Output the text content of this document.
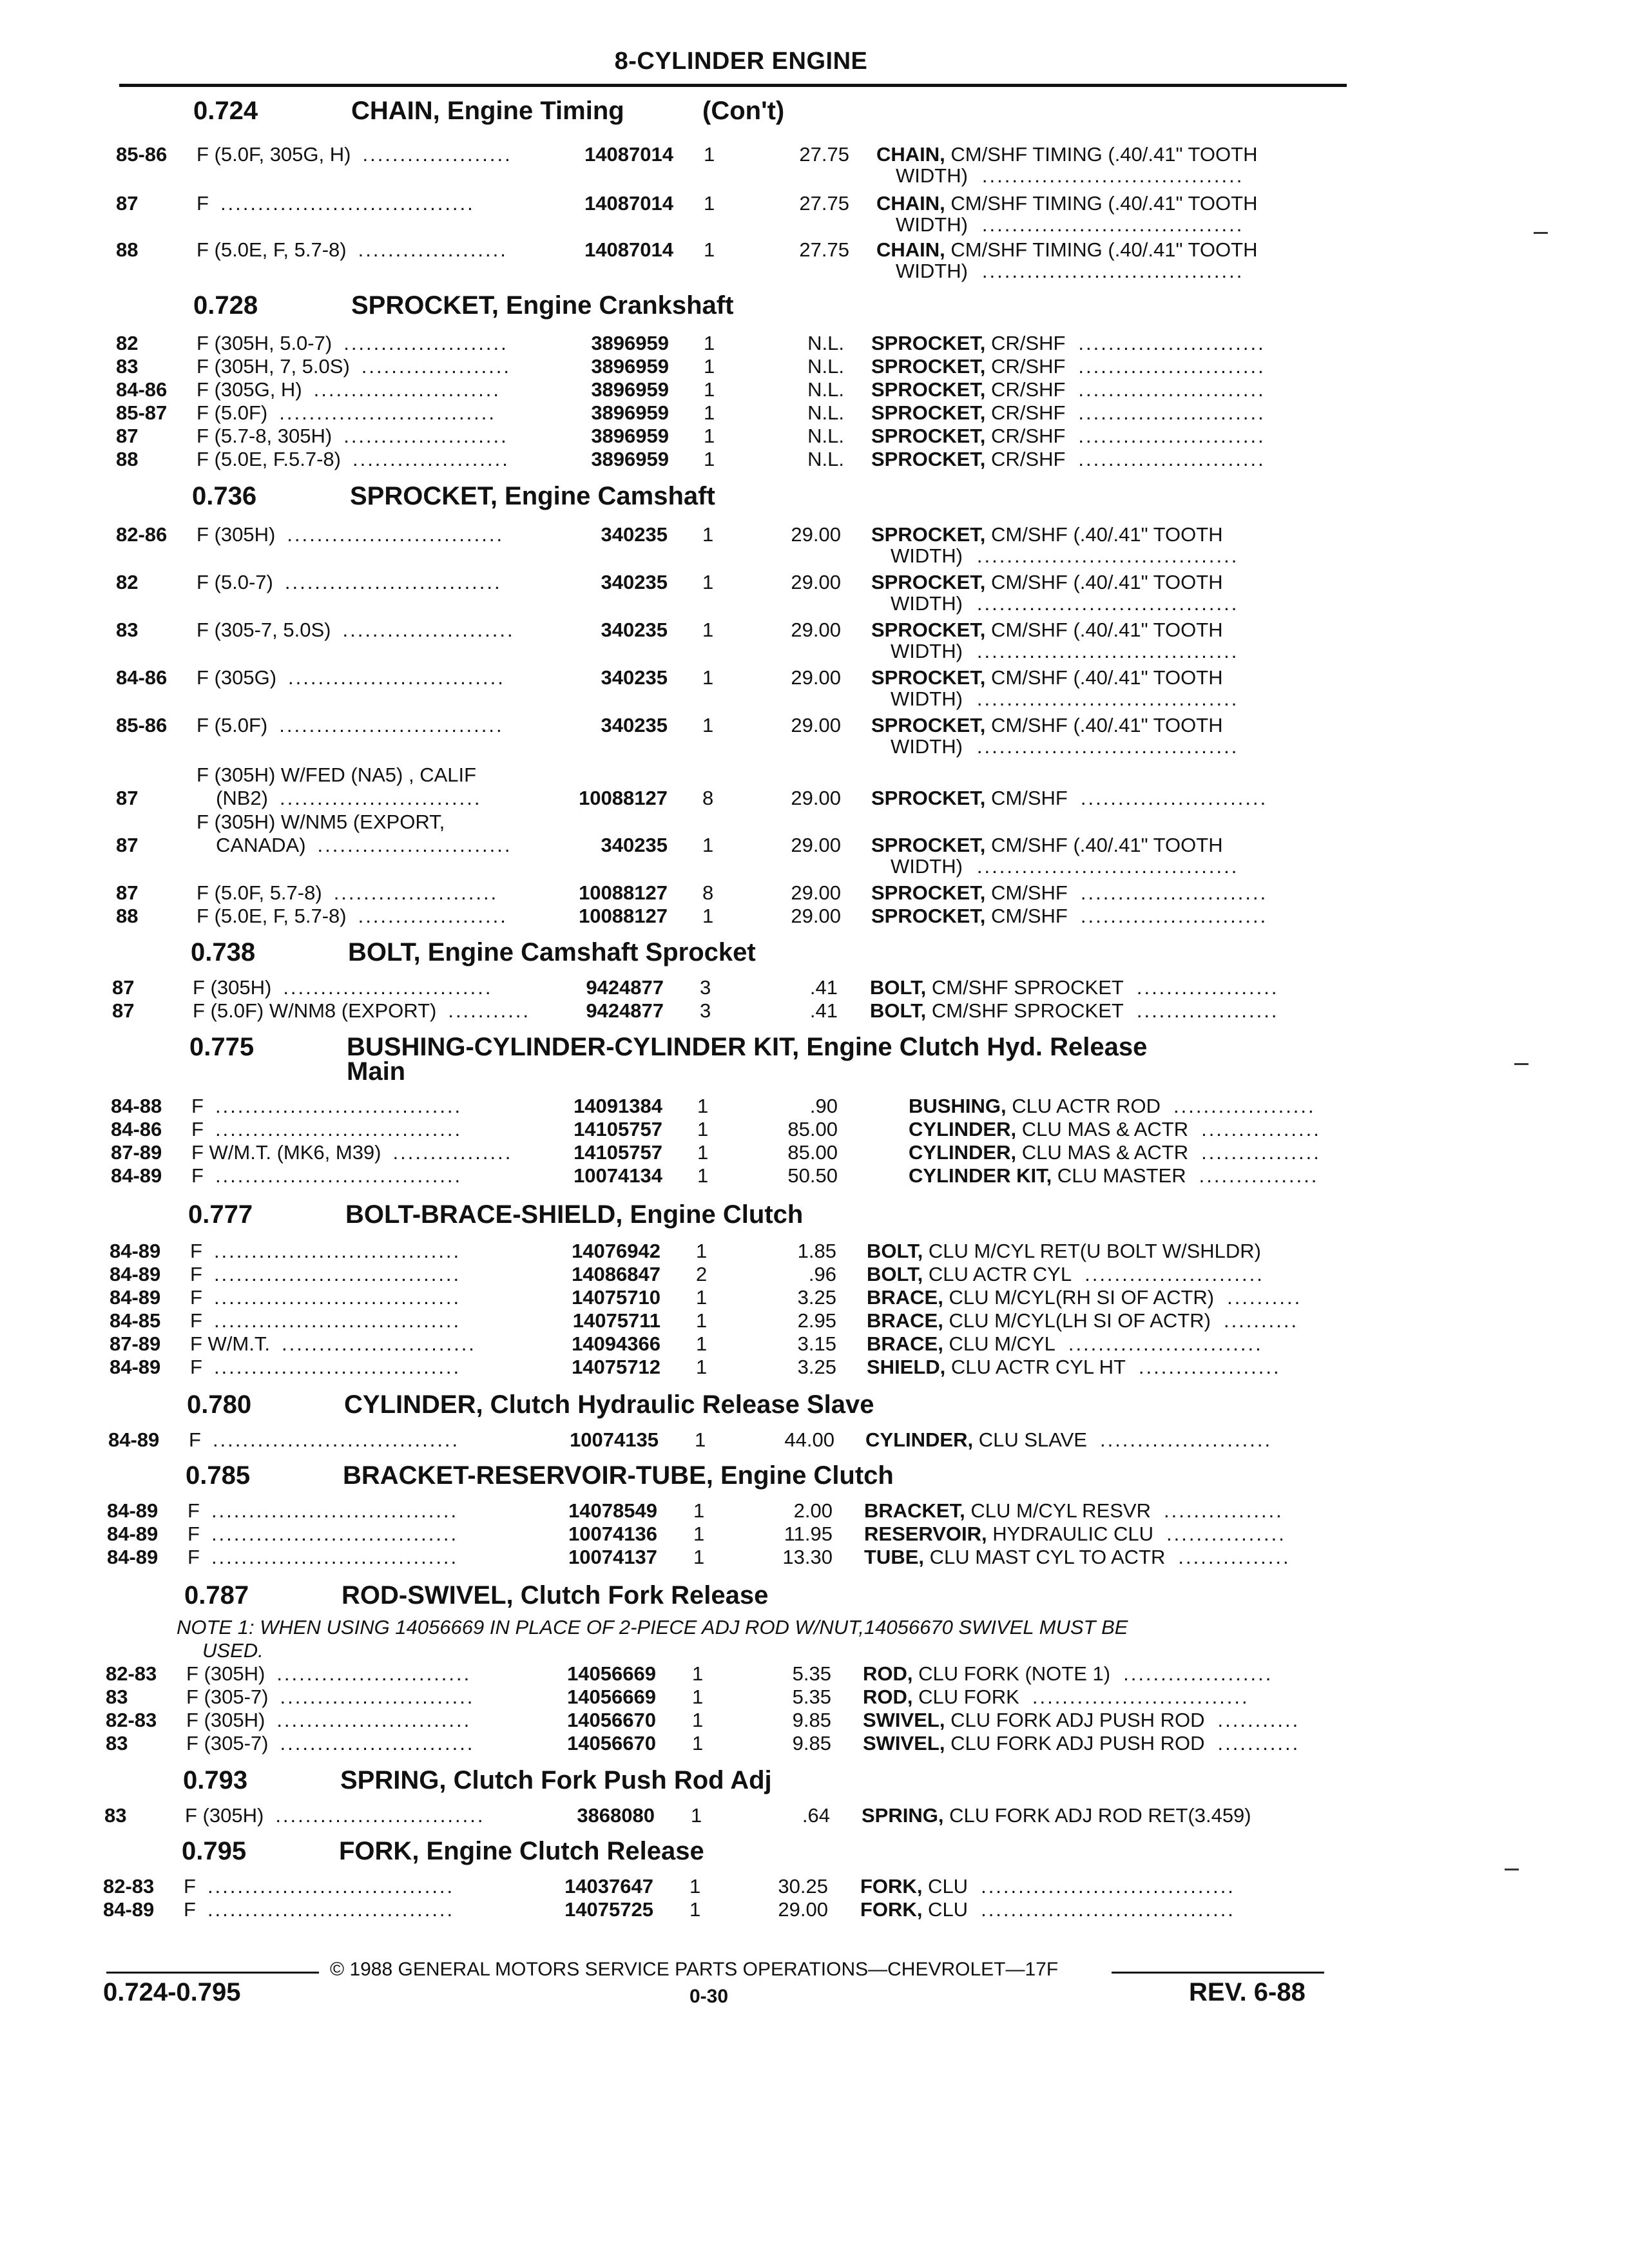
8-CYLINDER ENGINE
0.724	CHAIN, Engine Timing	(Con't)
85-86 F (5.0F, 305G, H) ....................	14087014 1	27.75 CHAIN, CM/SHF TIMING (.40/.41" TOOTH
WIDTH) ...................................
87	F ..................................	14087014 1	27.75 CHAIN, CM/SHF TIMING (.40/.41" TOOTH
WIDTH) ...................................
88	F (5.0E, F, 5.7-8) ....................	14087014 1	27.75 CHAIN, CM/SHF TIMING (.40/.41" TOOTH
WIDTH) ...................................
0.728	SPROCKET, Engine Crankshaft
82	F (305H, 5.0-7) ......................	3896959 1	N.L. SPROCKET, CR/SHF .........................
83	F (305H, 7, 5.0S) ....................	3896959 1	N.L. SPROCKET, CR/SHF .........................
84-86 F (305G, H) .........................	3896959 1	N.L. SPROCKET, CR/SHF .........................
85-87 F (5.0F) .............................	3896959 1	N.L. SPROCKET, CR/SHF .........................
87	F (5.7-8, 305H) ......................	3896959 1	N.L. SPROCKET, CR/SHF .........................
88	F (5.0E, F.5.7-8) .....................	3896959 1	N.L. SPROCKET, CR/SHF .........................
0.736	SPROCKET, Engine Camshaft
82-86 F (305H) .............................	340235 1	29.00 SPROCKET, CM/SHF (.40/.41" TOOTH
WIDTH) ...................................
82	F (5.0-7) .............................	340235 1	29.00 SPROCKET, CM/SHF (.40/.41" TOOTH
WIDTH) ...................................
83	F (305-7, 5.0S) .......................	340235 1	29.00 SPROCKET, CM/SHF (.40/.41" TOOTH
WIDTH) ...................................
84-86 F (305G) .............................	340235 1	29.00 SPROCKET, CM/SHF (.40/.41" TOOTH
WIDTH) ...................................
85-86 F (5.0F) ..............................	340235 1	29.00 SPROCKET, CM/SHF (.40/.41" TOOTH
WIDTH) ...................................
F (305H) W/FED (NA5) , CALIF
87	(NB2) ...........................	10088127 8	29.00 SPROCKET, CM/SHF .........................
F (305H) W/NM5 (EXPORT,
87	CANADA) ..........................	340235 1	29.00 SPROCKET, CM/SHF (.40/.41" TOOTH
WIDTH) ...................................
87	F (5.0F, 5.7-8) ......................	10088127 8	29.00 SPROCKET, CM/SHF .........................
88	F (5.0E, F, 5.7-8) ....................	10088127 1	29.00 SPROCKET, CM/SHF .........................
0.738	BOLT, Engine Camshaft Sprocket
87	F (305H) ............................	9424877 3	.41 BOLT, CM/SHF SPROCKET ...................
87	F (5.0F) W/NM8 (EXPORT) ...........	9424877 3	.41 BOLT, CM/SHF SPROCKET ...................
0.775	BUSHING-CYLINDER-CYLINDER KIT, Engine Clutch Hyd. Release
Main
84-88 F .................................	14091384 1	.90	BUSHING, CLU ACTR ROD ...................
84-86 F .................................	14105757 1	85.00	CYLINDER, CLU MAS & ACTR ................
87-89 F W/M.T. (MK6, M39) ................	14105757 1	85.00	CYLINDER, CLU MAS & ACTR ................
84-89 F .................................	10074134 1	50.50	CYLINDER KIT, CLU MASTER ................
0.777	BOLT-BRACE-SHIELD, Engine Clutch
84-89 F .................................	14076942 1	1.85 BOLT, CLU M/CYL RET(U BOLT W/SHLDR)
84-89 F .................................	14086847 2	.96 BOLT, CLU ACTR CYL ........................
84-89 F .................................	14075710 1	3.25 BRACE, CLU M/CYL(RH SI OF ACTR) ..........
84-85 F .................................	14075711 1	2.95 BRACE, CLU M/CYL(LH SI OF ACTR) ..........
87-89 F W/M.T. ..........................	14094366 1	3.15 BRACE, CLU M/CYL ..........................
84-89 F .................................	14075712 1	3.25 SHIELD, CLU ACTR CYL HT ...................
0.780	CYLINDER, Clutch Hydraulic Release Slave
84-89 F .................................	10074135 1	44.00 CYLINDER, CLU SLAVE .......................
0.785	BRACKET-RESERVOIR-TUBE, Engine Clutch
84-89 F .................................	14078549 1	2.00 BRACKET, CLU M/CYL RESVR ................
84-89 F .................................	10074136 1	11.95 RESERVOIR, HYDRAULIC CLU ................
84-89 F .................................	10074137 1	13.30 TUBE, CLU MAST CYL TO ACTR ...............
0.787	ROD-SWIVEL, Clutch Fork Release
NOTE 1: WHEN USING 14056669 IN PLACE OF 2-PIECE ADJ ROD W/NUT,14056670 SWIVEL MUST BE
USED.
82-83 F (305H) ..........................	14056669 1	5.35 ROD, CLU FORK (NOTE 1) ....................
83	F (305-7) ..........................	14056669 1	5.35 ROD, CLU FORK .............................
82-83 F (305H) ..........................	14056670 1	9.85 SWIVEL, CLU FORK ADJ PUSH ROD ...........
83	F (305-7) ..........................	14056670 1	9.85 SWIVEL, CLU FORK ADJ PUSH ROD ...........
0.793	SPRING, Clutch Fork Push Rod Adj
83	F (305H) ............................	3868080 1	.64 SPRING, CLU FORK ADJ ROD RET(3.459)
0.795	FORK, Engine Clutch Release
82-83 F .................................	14037647 1	30.25 FORK, CLU ..................................
84-89 F .................................	14075725 1	29.00 FORK, CLU ..................................
© 1988 GENERAL MOTORS SERVICE PARTS OPERATIONS—CHEVROLET—17F
0.724-0.795	0-30	REV. 6-88
